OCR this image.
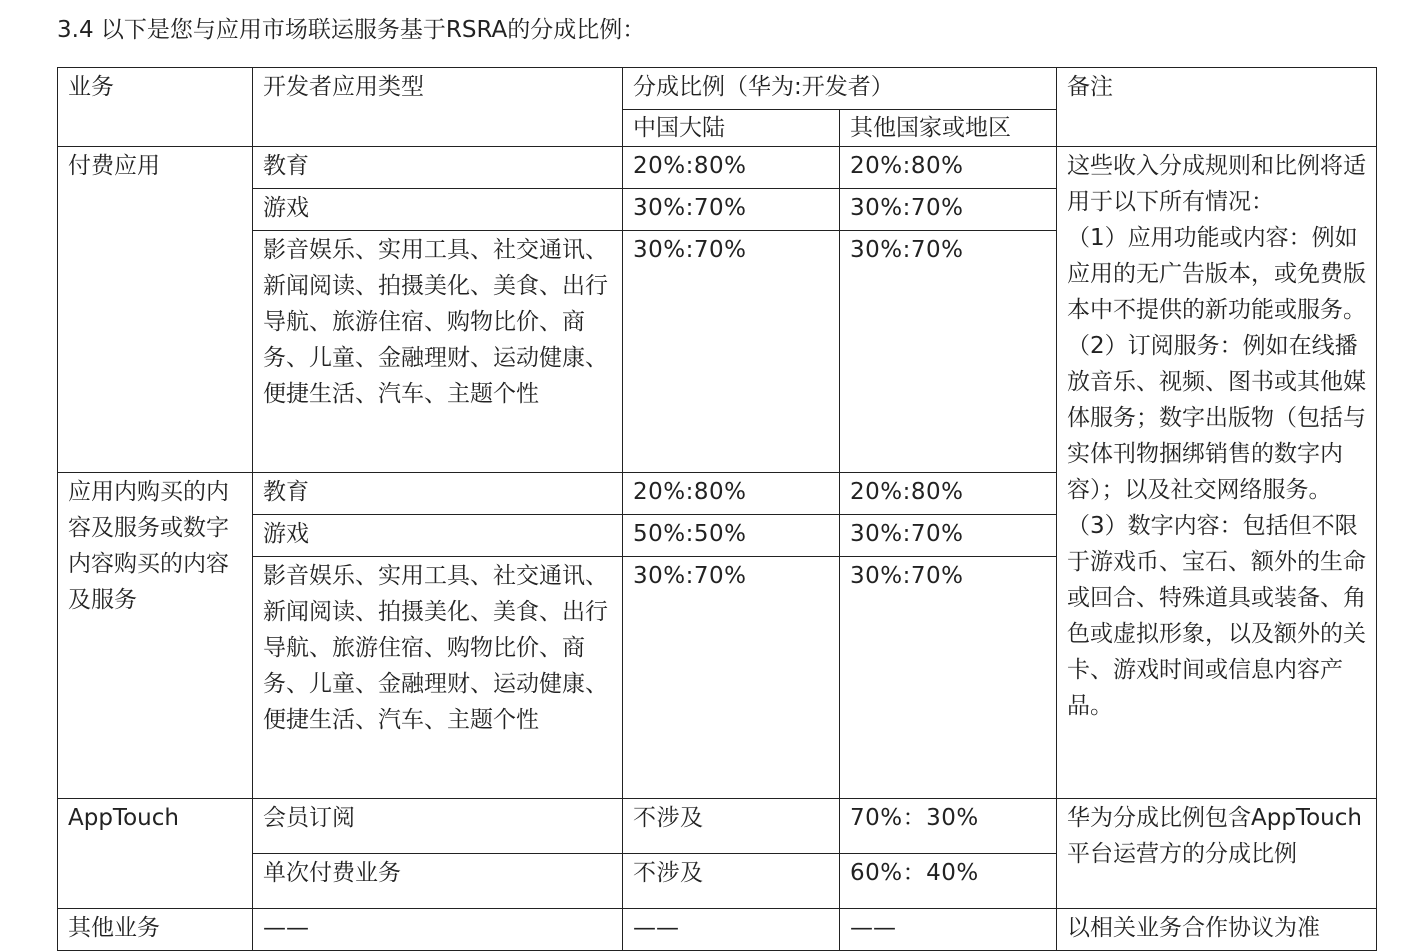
3.4 以下是您与应用市场联运服务基于RSRA的分成比例：
业务	开发者应用类型	分成比例（华为:开发者）		备注
		中国大陆	其他国家或地区	
付费应用	教育	20%:80%	20%:80%	这些收入分成规则和比例将适用于以下所有情况：
（1）应用功能或内容：例如应用的无广告版本，或免费版本中不提供的新功能或服务。
（2）订阅服务：例如在线播放音乐、视频、图书或其他媒体服务；数字出版物（包括与实体刊物捆绑销售的数字内容）；以及社交网络服务。
（3）数字内容：包括但不限于游戏币、宝石、额外的生命或回合、特殊道具或装备、角色或虚拟形象，以及额外的关卡、游戏时间或信息内容产品。

	游戏	30%:70%	30%:70%	
	影音娱乐、实用工具、社交通讯、新闻阅读、拍摄美化、美食、出行导航、旅游住宿、购物比价、商务、儿童、金融理财、运动健康、便捷生活、汽车、主题个性	30%:70%	30%:70%	
应用内购买的内容及服务或数字内容购买的内容及服务	教育	20%:80%	20%:80%	
	游戏	50%:50%	30%:70%	
	影音娱乐、实用工具、社交通讯、新闻阅读、拍摄美化、美食、出行导航、旅游住宿、购物比价、商务、儿童、金融理财、运动健康、便捷生活、汽车、主题个性	30%:70%	30%:70%	
AppTouch	会员订阅	不涉及	70%：30%	华为分成比例包含AppTouch平台运营方的分成比例
	单次付费业务	不涉及	60%：40%	
其他业务	——	——	——	以相关业务合作协议为准
